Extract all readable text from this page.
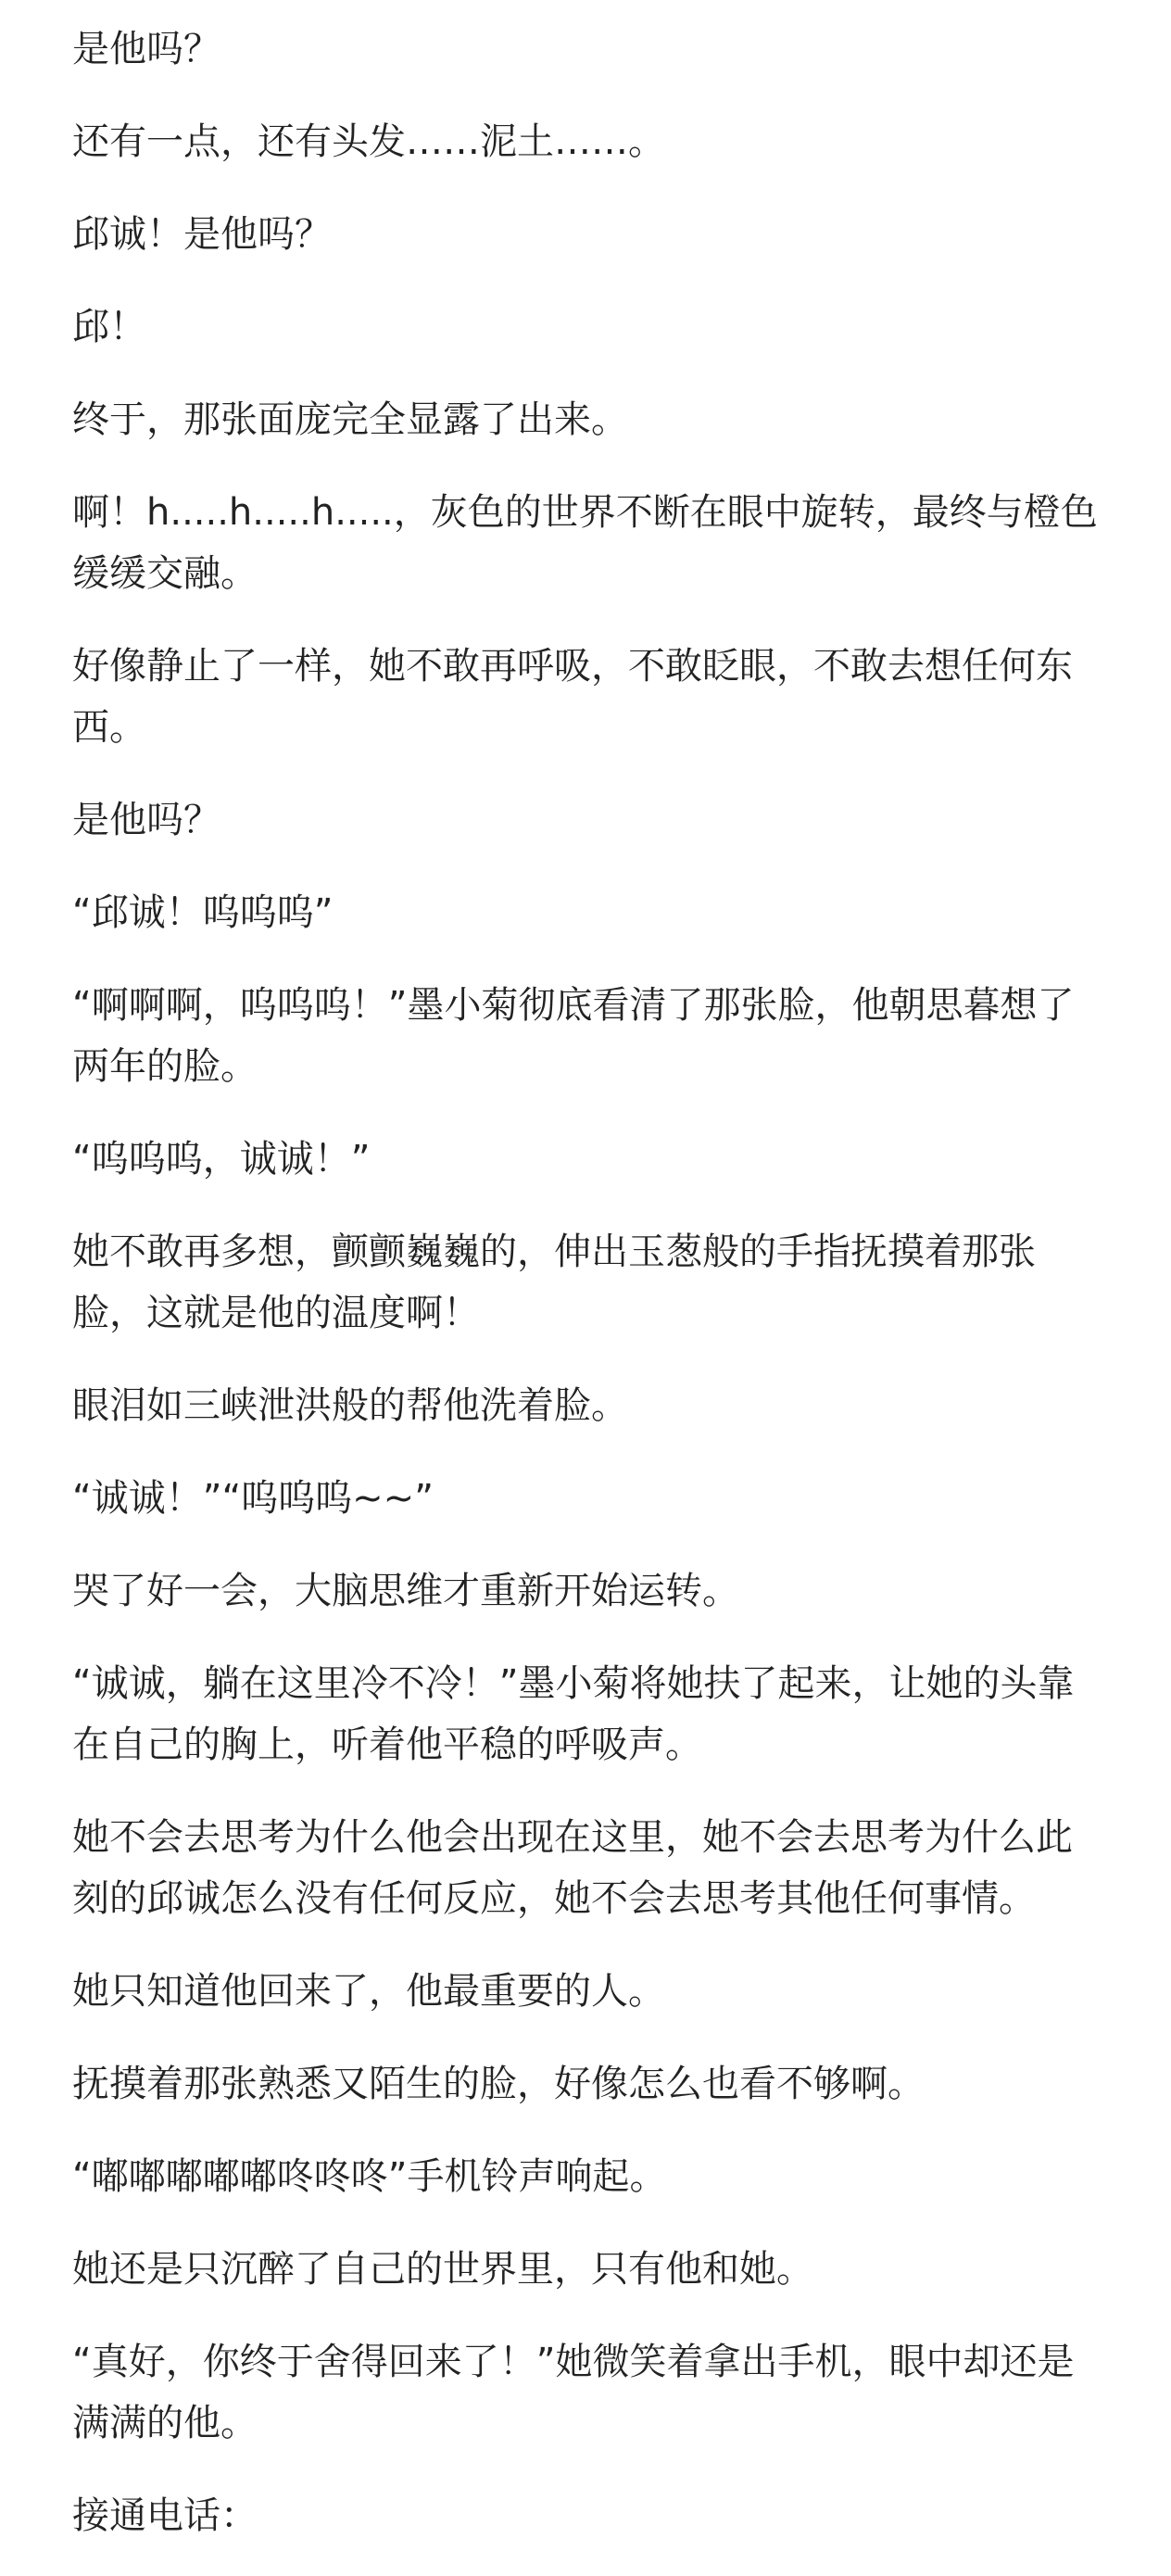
是他吗？

还有一点，还有头发……泥土……。

邱诚！是他吗？

邱！

终于，那张面庞完全显露了出来。

啊！h.....h.....h.....，灰色的世界不断在眼中旋转，最终与橙色缓缓交融。

好像静止了一样，她不敢再呼吸，不敢眨眼，不敢去想任何东西。

是他吗？

“邱诚！呜呜呜”

“啊啊啊，呜呜呜！”墨小菊彻底看清了那张脸，他朝思暮想了两年的脸。

“呜呜呜，诚诚！”

她不敢再多想，颤颤巍巍的，伸出玉葱般的手指抚摸着那张脸，这就是他的温度啊！

眼泪如三峡泄洪般的帮他洗着脸。

“诚诚！”“呜呜呜~~”

哭了好一会，大脑思维才重新开始运转。

“诚诚，躺在这里冷不冷！”墨小菊将她扶了起来，让她的头靠在自己的胸上，听着他平稳的呼吸声。

她不会去思考为什么他会出现在这里，她不会去思考为什么此刻的邱诚怎么没有任何反应，她不会去思考其他任何事情。

她只知道他回来了，他最重要的人。

抚摸着那张熟悉又陌生的脸，好像怎么也看不够啊。

“嘟嘟嘟嘟嘟咚咚咚”手机铃声响起。

她还是只沉醉了自己的世界里，只有他和她。

“真好，你终于舍得回来了！”她微笑着拿出手机，眼中却还是满满的他。

接通电话：
